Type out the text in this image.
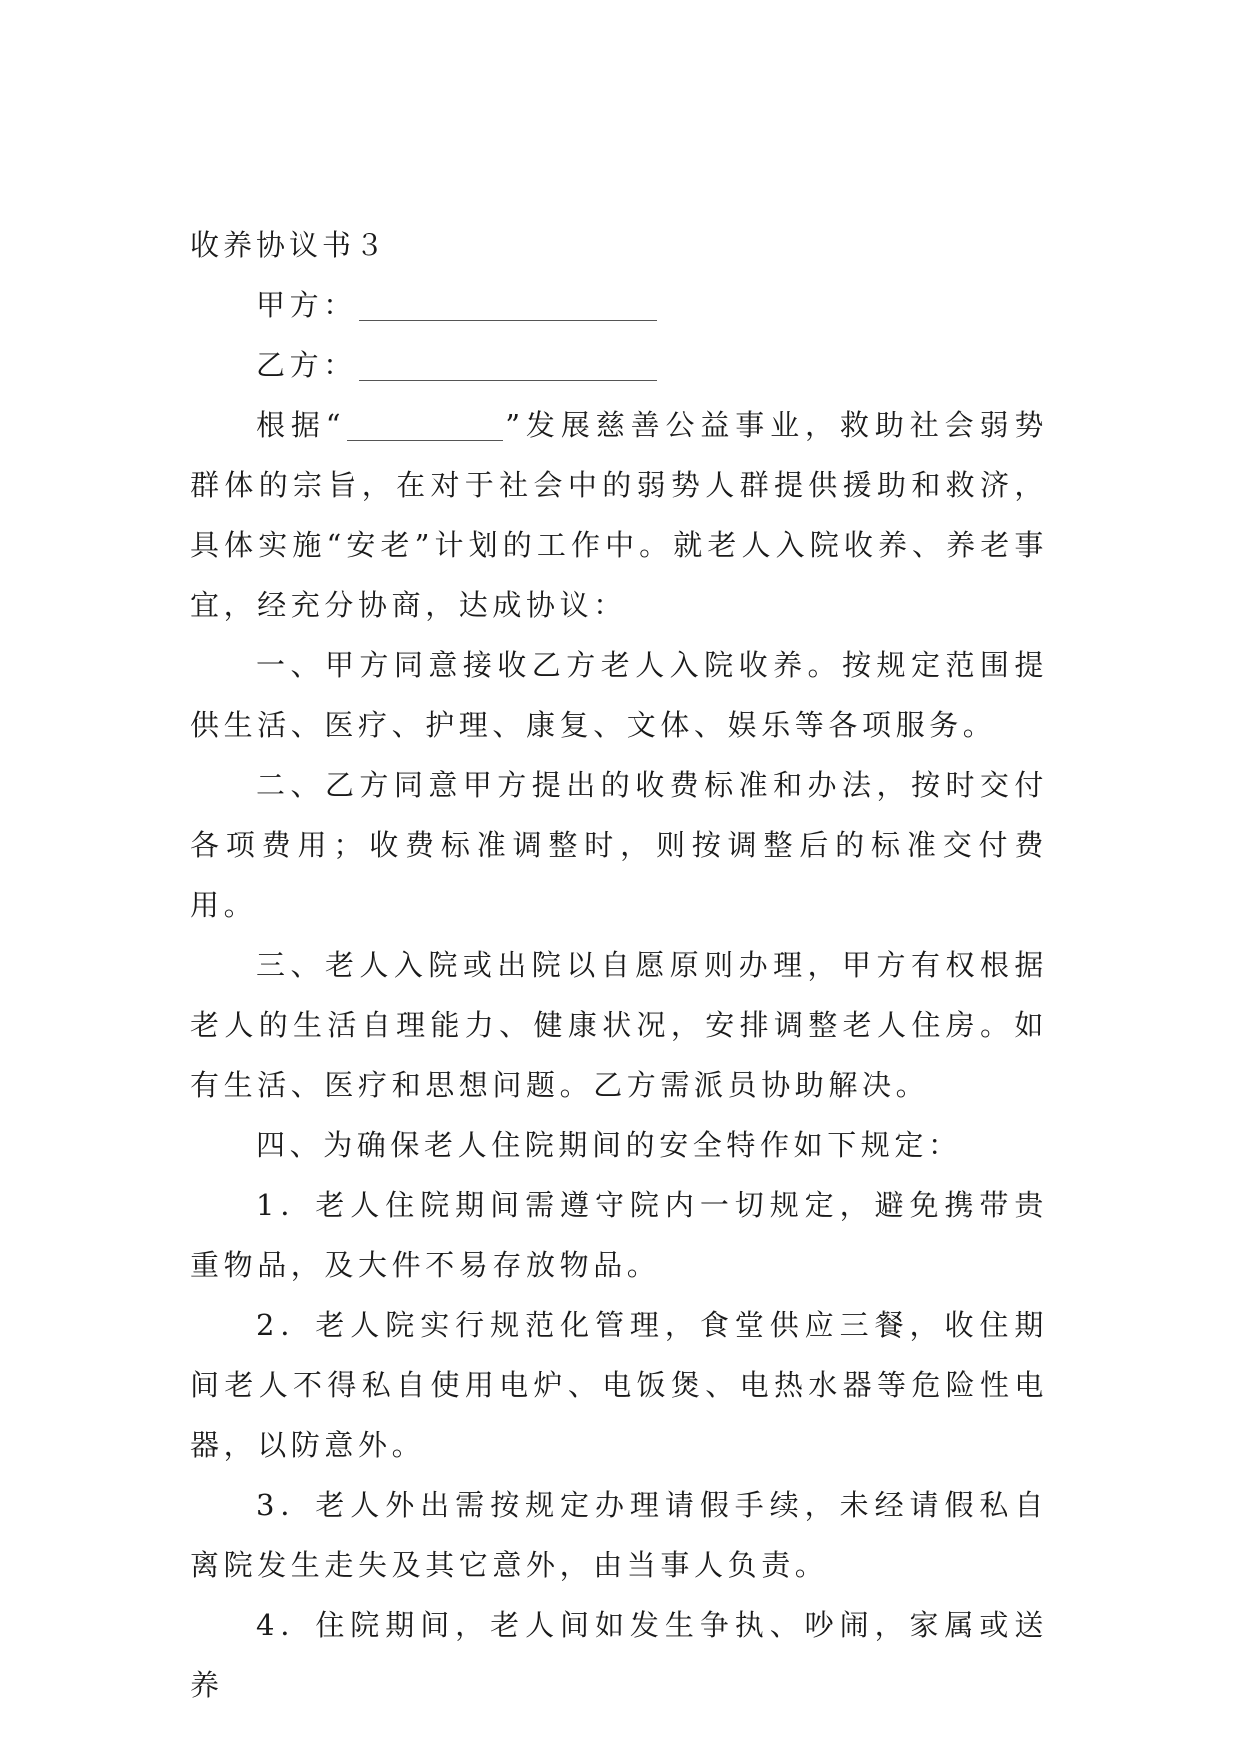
收养协议书３

甲方：

乙方：

根据“	”发展慈善公益事业，救助社会弱势群体的宗旨，在对于社会中的弱势人群提供援助和救济，具体实施“安老”计划的工作中。就老人入院收养、养老事宜，经充分协商，达成协议：

一、甲方同意接收乙方老人入院收养。按规定范围提供生活、医疗、护理、康复、文体、娱乐等各项服务。

二、乙方同意甲方提出的收费标准和办法，按时交付各项费用；收费标准调整时，则按调整后的标准交付费用。

三、老人入院或出院以自愿原则办理，甲方有权根据老人的生活自理能力、健康状况，安排调整老人住房。如有生活、医疗和思想问题。乙方需派员协助解决。

四、为确保老人住院期间的安全特作如下规定：

1．老人住院期间需遵守院内一切规定，避免携带贵重物品，及大件不易存放物品。

2．老人院实行规范化管理，食堂供应三餐，收住期间老人不得私自使用电炉、电饭煲、电热水器等危险性电器，以防意外。

3．老人外出需按规定办理请假手续，未经请假私自离院发生走失及其它意外，由当事人负责。

4．住院期间，老人间如发生争执、吵闹，家属或送养
